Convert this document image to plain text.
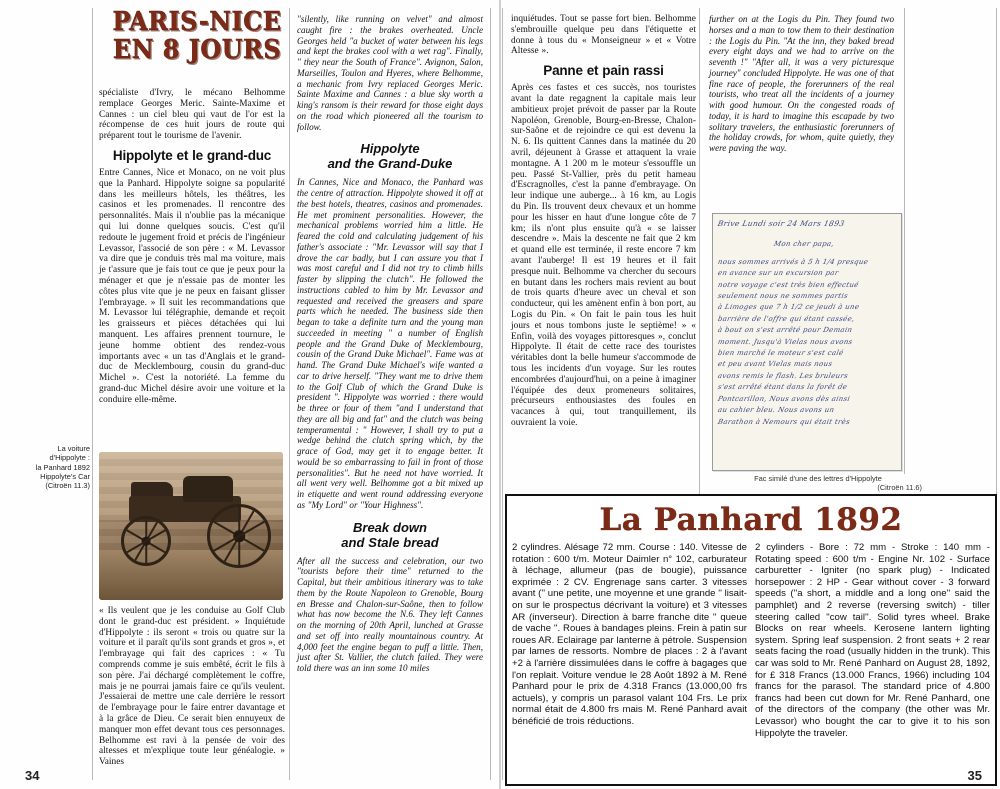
PARIS-NICE
EN 8 JOURS

spécialiste d'Ivry, le mécano Belhomme remplace Georges Meric. Sainte-Maxime et Cannes : un ciel bleu qui vaut de l'or est la récompense de ces huit jours de route qui préparent tout le tourisme de l'avenir.

Hippolyte et le grand-duc

Entre Cannes, Nice et Monaco, on ne voit plus que la Panhard. Hippolyte soigne sa popularité dans les meilleurs hôtels, les théâtres, les casinos et les promenades. Il rencontre des personnalités. Mais il n'oublie pas la mécanique qui lui donne quelques soucis. C'est qu'il redoute le jugement froid et précis de l'ingénieur Levassor, l'associé de son père : « M. Levassor va dire que je conduis très mal ma voiture, mais je t'assure que je fais tout ce que je peux pour la ménager et que je n'essaie pas de monter les côtes plus vite que je ne peux en faisant glisser l'embrayage. » Il suit les recommandations que M. Levassor lui télégraphie, demande et reçoit les graisseurs et pièces détachées qui lui manquent. Les affaires prennent tournure, le jeune homme obtient des rendez-vous importants avec « un tas d'Anglais et le grand-duc de Mecklembourg, cousin du grand-duc Michel ». C'est la notoriété. La femme du grand-duc Michel désire avoir une voiture et la conduire elle-même.

La voiture
d'Hippolyte :
la Panhard 1892
Hippolyte's Car
(Citroën 11.3)

« Ils veulent que je les conduise au Golf Club dont le grand-duc est président. » Inquiétude d'Hippolyte : ils seront « trois ou quatre sur la voiture et il paraît qu'ils sont grands et gros », et l'embrayage qui fait des caprices : « Tu comprends comme je suis embêté, écrit le fils à son père. J'ai déchargé complètement le coffre, mais je ne pourrai jamais faire ce qu'ils veulent. J'essaierai de mettre une cale derrière le ressort de l'embrayage pour le faire entrer davantage et à la grâce de Dieu. Ce serait bien ennuyeux de manquer mon effet devant tous ces personnages. Belhomme est ravi à la pensée de voir des altesses et m'explique toute leur généalogie. » Vaines

"silently, like running on velvet" and almost caught fire : the brakes overheated. Uncle Georges held "a bucket of water between his legs and kept the brakes cool with a wet rag". Finally, " they near the South of France". Avignon, Salon, Marseilles, Toulon and Hyeres, where Belhomme, a mechanic from Ivry replaced Georges Meric. Sainte Maxime and Cannes : a blue sky worth a king's ransom is their reward for those eight days on the road which pioneered all the tourism to follow.

Hippolyte
and the Grand-Duke

In Cannes, Nice and Monaco, the Panhard was the centre of attraction. Hippolyte showed it off at the best hotels, theatres, casinos and promenades. He met prominent personalities. However, the mechanical problems worried him a little. He feared the cold and calculating judgement of his father's associate : "Mr. Levassor will say that I drove the car badly, but I can assure you that I was most careful and I did not try to climb hills faster by slipping the clutch". He followed the instructions cabled to him by Mr. Levassor and requested and received the greasers and spare parts which he needed. The business side then began to take a definite turn and the young man succeeded in meeting " a number of English people and the Grand Duke of Mecklembourg, cousin of the Grand Duke Michael". Fame was at hand. The Grand Duke Michael's wife wanted a car to drive herself. "They want me to drive them to the Golf Club of which the Grand Duke is president ". Hippolyte was worried : there would be three or four of them "and I understand that they are all big and fat" and the clutch was being temperamental : " However, I shall try to put a wedge behind the clutch spring which, by the grace of God, may get it to engage better. It would be so embarrassing to fail in front of those personalities". But he need not have worried. It all went very well. Belhomme got a bit mixed up in etiquette and went round addressing everyone as "My Lord" or "Your Highness".

Break down
and Stale bread

After all the success and celebration, our two "tourists before their time" returned to the Capital, but their ambitious itinerary was to take them by the Route Napoleon to Grenoble, Bourg en Bresse and Chalon-sur-Saône, then to follow what has now become the N.6. They left Cannes on the morning of 20th April, lunched at Grasse and set off into really mountainous country. At 4,000 feet the engine began to puff a little. Then, just after St. Vallier, the clutch failed. They were told there was an inn some 10 miles

34

inquiétudes. Tout se passe fort bien. Belhomme s'embrouille quelque peu dans l'étiquette et donne à tous du « Monseigneur » et « Votre Altesse ».

Panne et pain rassi

Après ces fastes et ces succès, nos touristes avant la date regagnent la capitale mais leur ambitieux projet prévoit de passer par la Route Napoléon, Grenoble, Bourg-en-Bresse, Chalon-sur-Saône et de rejoindre ce qui est devenu la N. 6. Ils quittent Cannes dans la matinée du 20 avril, déjeunent à Grasse et attaquent la vraie montagne. A 1 200 m le moteur s'essouffle un peu. Passé St-Vallier, près du petit hameau d'Escragnolles, c'est la panne d'embrayage. On leur indique une auberge... à 16 km, au Logis du Pin. Ils trouvent deux chevaux et un homme pour les hisser en haut d'une longue côte de 7 km; ils n'ont plus ensuite qu'à « se laisser descendre ». Mais la descente ne fait que 2 km et quand elle est terminée, il reste encore 7 km avant l'auberge! Il est 19 heures et il fait presque nuit. Belhomme va chercher du secours en butant dans les rochers mais revient au bout de trois quarts d'heure avec un cheval et son conducteur, qui les amènent enfin à bon port, au Logis du Pin. « On fait le pain tous les huit jours et nous tombons juste le septième! » « Enfin, voilà des voyages pittoresques », conclut Hippolyte. Il était de cette race des touristes véritables dont la belle humeur s'accommode de tous les incidents d'un voyage. Sur les routes encombrées d'aujourd'hui, on a peine à imaginer l'équipée des deux promeneurs solitaires, précurseurs enthousiastes des foules en vacances à qui, tout tranquillement, ils ouvraient la voie.

further on at the Logis du Pin. They found two horses and a man to tow them to their destination : the Logis du Pin. "At the inn, they baked bread every eight days and we had to arrive on the seventh !" "After all, it was a very picturesque journey" concluded Hippolyte. He was one of that fine race of people, the forerunners of the real tourists, who treat all the incidents of a journey with good humour. On the congested roads of today, it is hard to imagine this escapade by two solitary travelers, the enthusiastic forerunners of the holiday crowds, for whom, quite quietly, they were paving the way.

Brive Lundi soir 24 Mars 1893
Mon cher papa,
nous sommes arrivés à 5 h 1/4 presque
en avance sur un excursion par
notre voyage c'est très bien effectué
seulement nous ne sommes partis
à Limoges que 7 h 1/2 ce jeudi à une
barrière de l'offre qui étant cassée,
à bout on s'est arrêté pour Demain
moment. Jusqu'à Vielas nous avons
bien marché le moteur s'est calé
et peu avant Vielas mais nous
avons remis le flash. Les bruleurs
s'est arrêté étant dans la forêt de
Pontcarillon, Nous avons dès ainsi
au cahier bleu. Nous avons un
Barathon à Nemours qui était très
Fac similé d'une des lettres d'Hippolyte
(Citroën 11.6)
La Panhard 1892
2 cylindres. Alésage 72 mm. Course : 140. Vitesse de rotation : 600 t/m. Moteur Daimler n° 102, carburateur à léchage, allumeur (pas de bougie), puissance exprimée : 2 CV. Engrenage sans carter. 3 vitesses avant ('' une petite, une moyenne et une grande '' lisait-on sur le prospectus décrivant la voiture) et 3 vitesses AR (inverseur). Direction à barre franche dite '' queue de vache ''. Roues à bandages pleins. Frein à patin sur roues AR. Eclairage par lanterne à pétrole. Suspension par lames de ressorts. Nombre de places : 2 à l'avant +2 à l'arrière dissimulées dans le coffre à bagages que l'on replait. Voiture vendue le 28 Août 1892 à M. René Panhard pour le prix de 4.318 Francs (13.000,00 frs actuels), y compris un parasol valant 104 Frs. Le prix normal était de 4.800 frs mais M. René Panhard avait bénéficié de trois réductions.
2 cylinders - Bore : 72 mm - Stroke : 140 mm - Rotating speed : 600 t/m - Engine Nr. 102 - Surface carburetter - Igniter (no spark plug) - Indicated horsepower : 2 HP - Gear without cover - 3 forward speeds (''a short, a middle and a long one'' said the pamphlet) and 2 reverse (reversing switch) - tiller steering called ''cow tail''. Solid tyres wheel. Brake Blocks on rear wheels. Kerosene lantern lighting system. Spring leaf suspension. 2 front seats + 2 rear seats facing the road (usually hidden in the trunk). This car was sold to Mr. René Panhard on August 28, 1892, for £ 318 Francs (13.000 Francs, 1966) including 104 francs for the parasol. The standard price of 4.800 francs had been cut down for Mr. René Panhard, one of the directors of the company (the other was Mr. Levassor) who bought the car to give it to his son Hippolyte the traveler.
35
